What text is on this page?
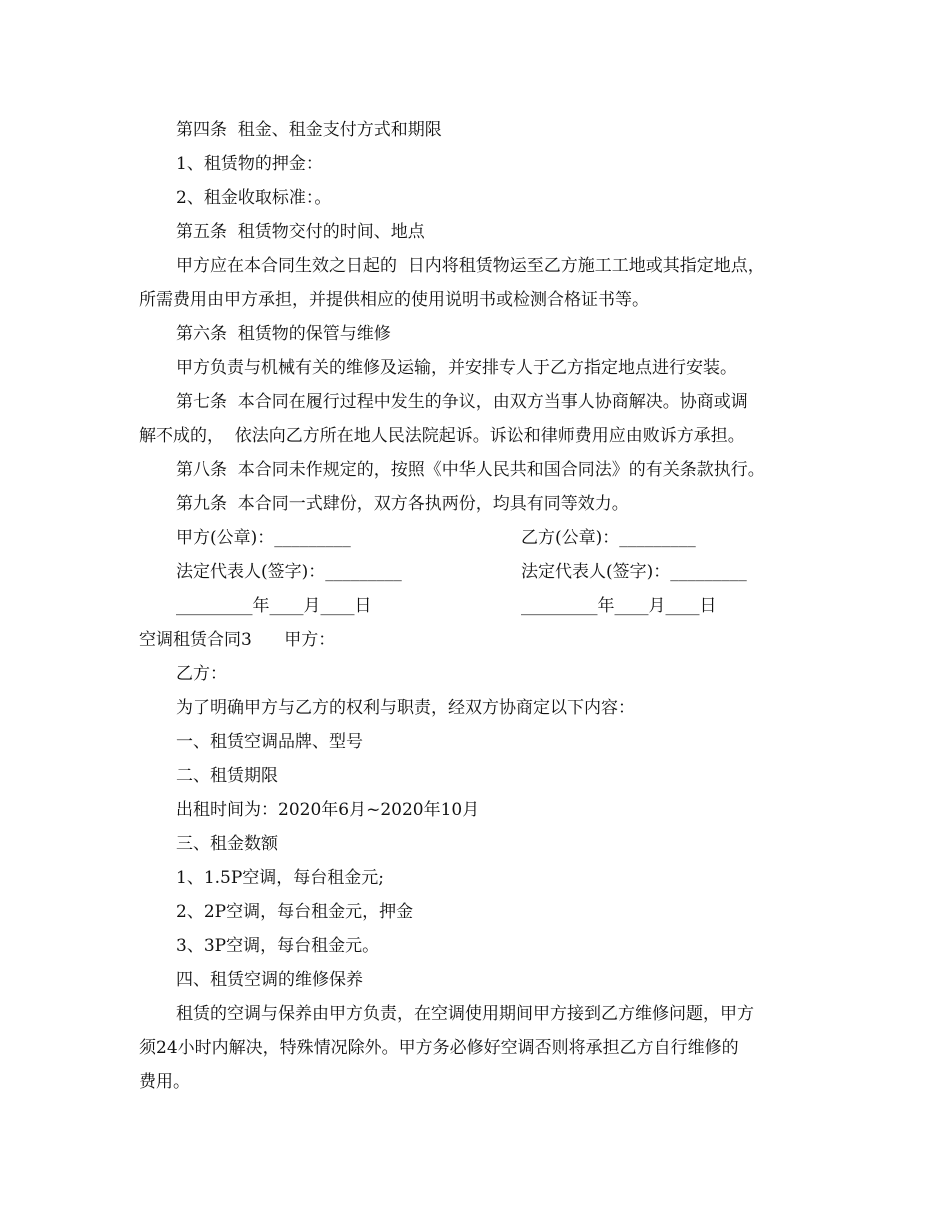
第四条  租金、租金支付方式和期限
1、租赁物的押金：
2、租金收取标准：。
第五条  租赁物交付的时间、地点
甲方应在本合同生效之日起的  日内将租赁物运至乙方施工工地或其指定地点，
所需费用由甲方承担，并提供相应的使用说明书或检测合格证书等。
第六条  租赁物的保管与维修
甲方负责与机械有关的维修及运输，并安排专人于乙方指定地点进行安装。
第七条  本合同在履行过程中发生的争议，由双方当事人协商解决。协商或调
解不成的，  依法向乙方所在地人民法院起诉。诉讼和律师费用应由败诉方承担。
第八条  本合同未作规定的，按照《中华人民共和国合同法》的有关条款执行。
第九条  本合同一式肆份，双方各执两份，均具有同等效力。
甲方(公章)：_________	乙方(公章)：_________
法定代表人(签字)：_________	法定代表人(签字)：_________
_________年____月____日	_________年____月____日
空调租赁合同3      甲方：
乙方：
为了明确甲方与乙方的权利与职责，经双方协商定以下内容：
一、租赁空调品牌、型号
二、租赁期限
出租时间为：2020年6月~2020年10月
三、租金数额
1、1.5P空调，每台租金元;
2、2P空调，每台租金元，押金
3、3P空调，每台租金元。
四、租赁空调的维修保养
租赁的空调与保养由甲方负责，在空调使用期间甲方接到乙方维修问题，甲方
须24小时内解决，特殊情况除外。甲方务必修好空调否则将承担乙方自行维修的
费用。
